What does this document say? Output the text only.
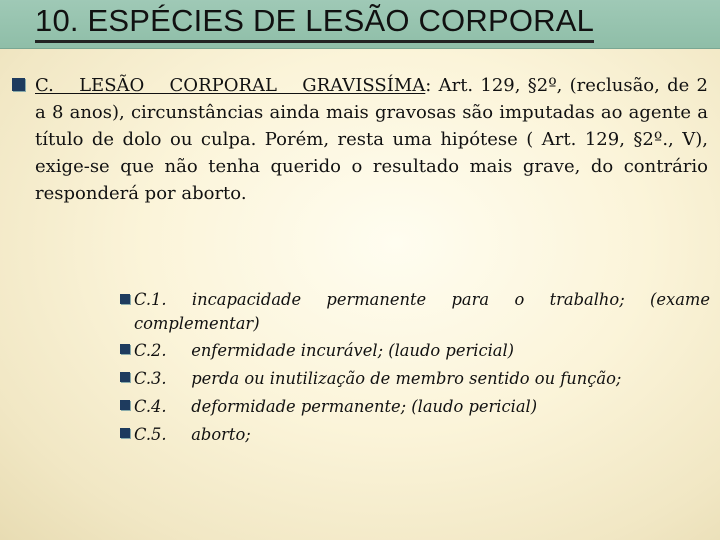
10. ESPÉCIES DE LESÃO CORPORAL

C. LESÃO CORPORAL GRAVISSÍMA: Art. 129, §2º, (reclusão, de 2 a 8 anos), circunstâncias ainda mais gravosas são imputadas ao agente a título de dolo ou culpa. Porém, resta uma hipótese ( Art. 129, §2º., V), exige-se que não tenha querido o resultado mais grave, do contrário responderá por aborto.

C.1. incapacidade permanente para o trabalho; (exame complementar)
C.2. enfermidade incurável; (laudo pericial)
C.3. perda ou inutilização de membro sentido ou função;
C.4. deformidade permanente; (laudo pericial)
C.5. aborto;
